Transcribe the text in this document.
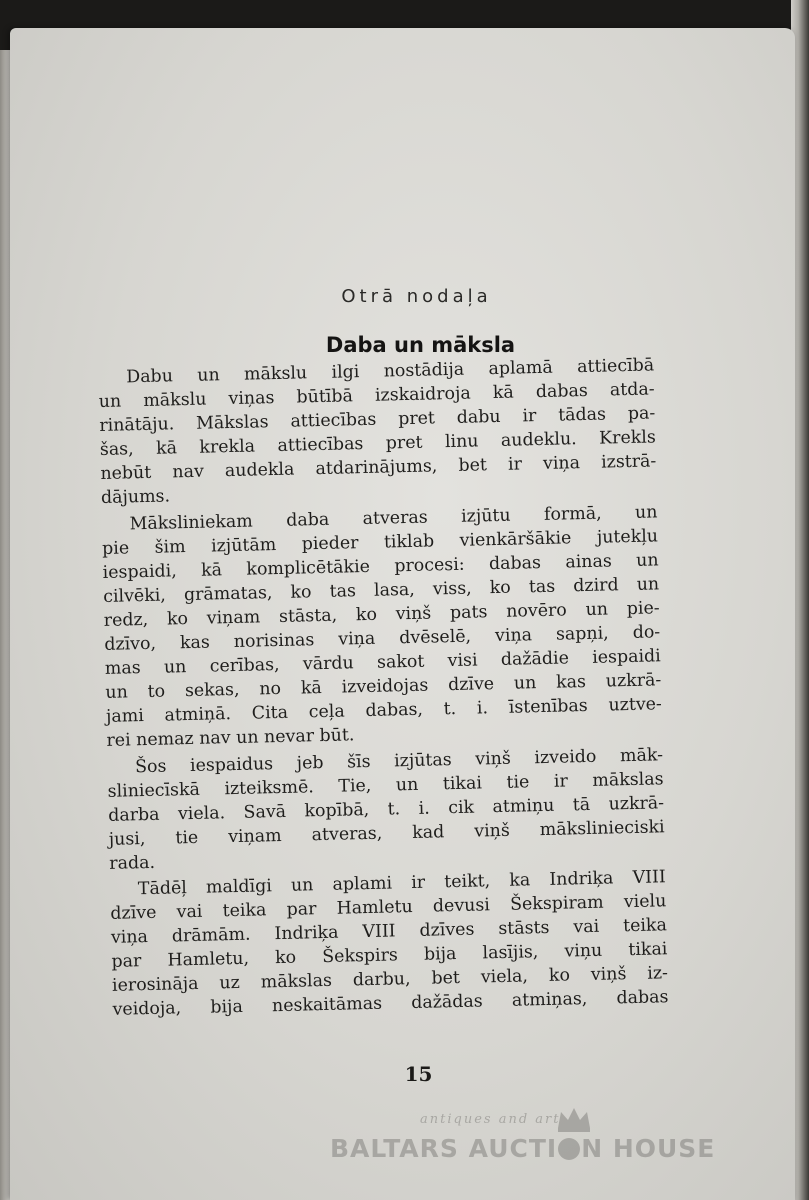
Otrā nodaļa
Daba un māksla
Dabu un mākslu ilgi nostādija aplamā attiecībā
un mākslu viņas būtībā izskaidroja kā dabas atda-
rinātāju. Mākslas attiecības pret dabu ir tādas pa-
šas, kā krekla attiecības pret linu audeklu. Krekls
nebūt nav audekla atdarinājums, bet ir viņa izstrā-
dājums.
Māksliniekam daba atveras izjūtu formā, un
pie šim izjūtām pieder tiklab vienkāršākie jutekļu
iespaidi, kā komplicētākie procesi: dabas ainas un
cilvēki, grāmatas, ko tas lasa, viss, ko tas dzird un
redz, ko viņam stāsta, ko viņš pats novēro un pie-
dzīvo, kas norisinas viņa dvēselē, viņa sapņi, do-
mas un cerības, vārdu sakot visi dažādie iespaidi
un to sekas, no kā izveidojas dzīve un kas uzkrā-
jami atmiņā. Cita ceļa dabas, t. i. īstenības uztve-
rei nemaz nav un nevar būt.
Šos iespaidus jeb šīs izjūtas viņš izveido māk-
sliniecīskā izteiksmē. Tie, un tikai tie ir mākslas
darba viela. Savā kopībā, t. i. cik atmiņu tā uzkrā-
jusi, tie viņam atveras, kad viņš mākslinieciski
rada.
Tādēļ maldīgi un aplami ir teikt, ka Indriķa VIII
dzīve vai teika par Hamletu devusi Šekspiram vielu
viņa drāmām. Indriķa VIII dzīves stāsts vai teika
par Hamletu, ko Šekspirs bija lasījis, viņu tikai
ierosināja uz mākslas darbu, bet viela, ko viņš iz-
veidoja, bija neskaitāmas dažādas atmiņas, dabas
15
antiques and art
BALTARS AUCTI N HOUSE
